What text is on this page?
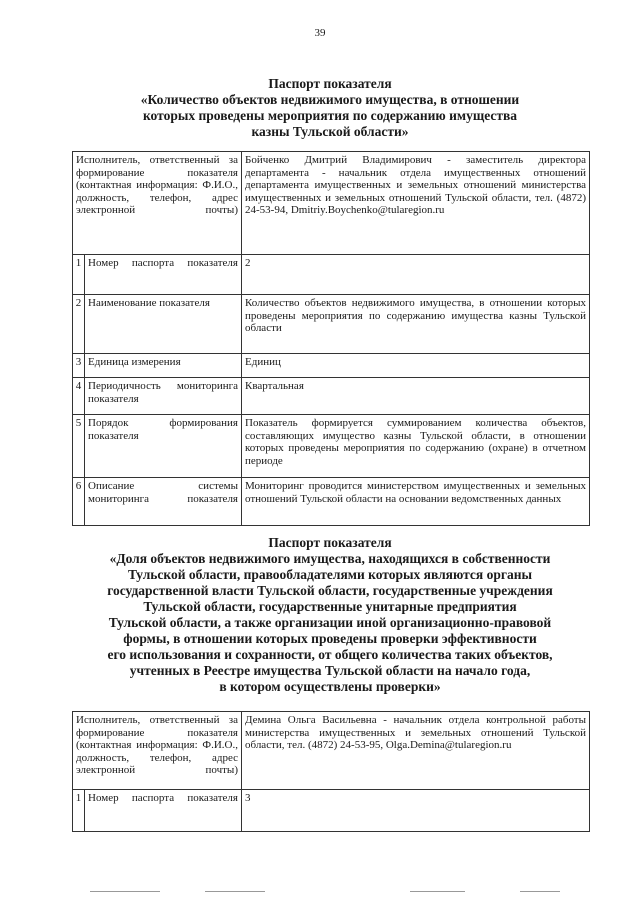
39
Паспорт показателя
«Количество объектов недвижимого имущества, в отношении
которых проведены мероприятия по содержанию имущества
казны Тульской области»
Исполнитель, ответственный за формирование показателя (контактная информация: Ф.И.О., должность, телефон, адрес электронной почты)		Бойченко Дмитрий Владимирович - заместитель директора департамента - начальник отдела имущественных отношений департамента имущественных и земельных отношений министерства имущественных и земельных отношений Тульской области, тел. (4872) 24-53-94, Dmitriy.Boychenko@tularegion.ru
1	Номер паспорта показателя	2
2	Наименование показателя	Количество объектов недвижимого имущества, в отношении которых проведены мероприятия по содержанию имущества казны Тульской области
3	Единица измерения	Единиц
4	Периодичность мониторинга показателя	Квартальная
5	Порядок формирования показателя	Показатель формируется суммированием количества объектов, составляющих имущество казны Тульской области, в отношении которых проведены мероприятия по содержанию (охране) в отчетном периоде
6	Описание системы мониторинга показателя	Мониторинг проводится министерством имущественных и земельных отношений Тульской области на основании ведомственных данных
Паспорт показателя
«Доля объектов недвижимого имущества, находящихся в собственности
Тульской области, правообладателями которых являются органы
государственной власти Тульской области, государственные учреждения
Тульской области, государственные унитарные предприятия
Тульской области, а также организации иной организационно-правовой
формы, в отношении которых проведены проверки эффективности
его использования и сохранности, от общего количества таких объектов,
учтенных в Реестре имущества Тульской области на начало года,
в котором осуществлены проверки»
Исполнитель, ответственный за формирование показателя (контактная информация: Ф.И.О., должность, телефон, адрес электронной почты)		Демина Ольга Васильевна - начальник отдела контрольной работы министерства имущественных и земельных отношений Тульской области, тел. (4872) 24-53-95, Olga.Demina@tularegion.ru
1	Номер паспорта показателя	3
